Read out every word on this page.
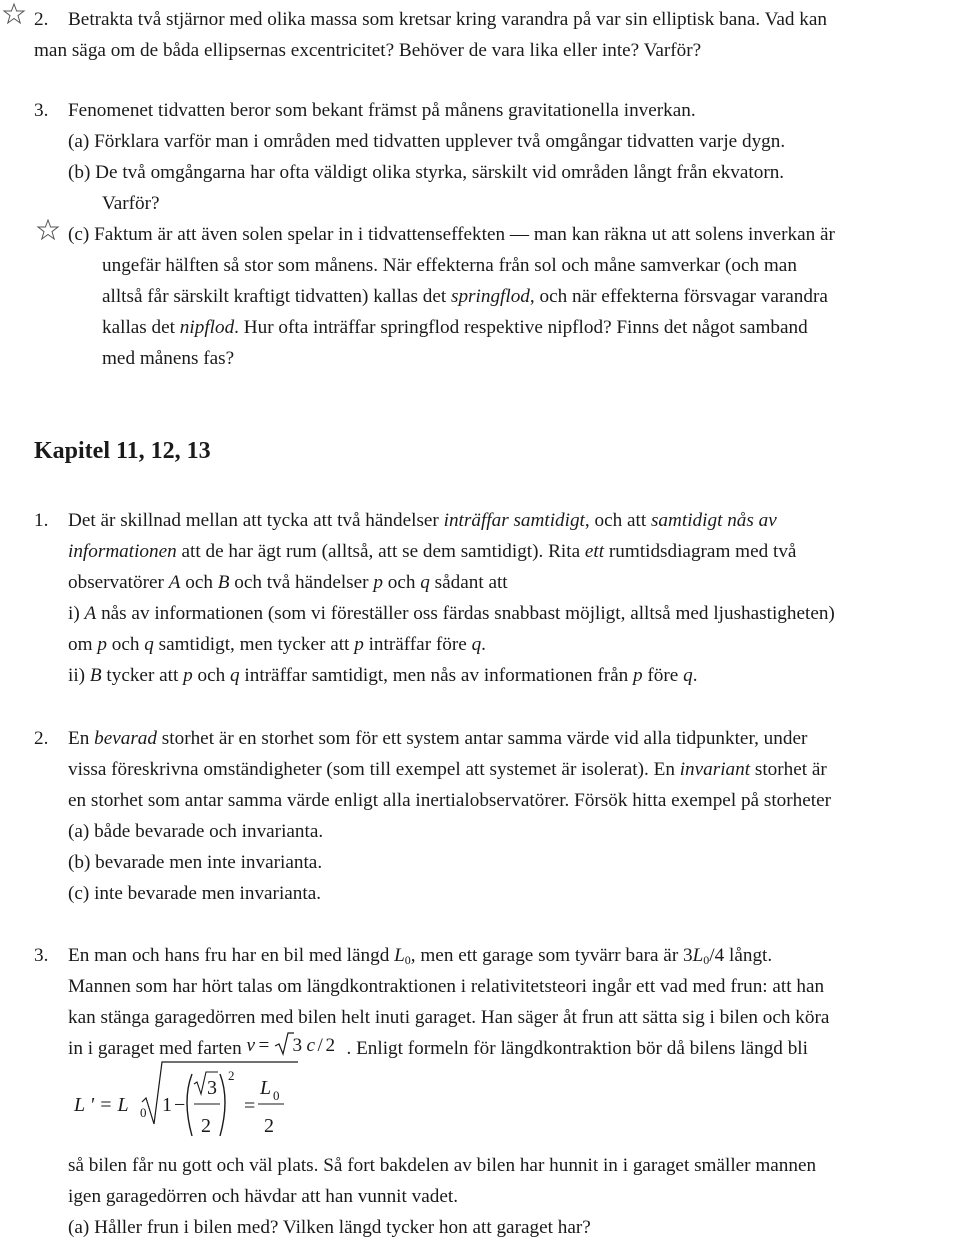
2. Betrakta två stjärnor med olika massa som kretsar kring varandra på var sin elliptisk bana. Vad kan
man säga om de båda ellipsernas excentricitet? Behöver de vara lika eller inte? Varför?
3. Fenomenet tidvatten beror som bekant främst på månens gravitationella inverkan.
(a) Förklara varför man i områden med tidvatten upplever två omgångar tidvatten varje dygn.
(b) De två omgångarna har ofta väldigt olika styrka, särskilt vid områden långt från ekvatorn.
Varför?
(c) Faktum är att även solen spelar in i tidvattenseffekten — man kan räkna ut att solens inverkan är
ungefär hälften så stor som månens. När effekterna från sol och måne samverkar (och man
alltså får särskilt kraftigt tidvatten) kallas det springflod, och när effekterna försvagar varandra
kallas det nipflod. Hur ofta inträffar springflod respektive nipflod? Finns det något samband
med månens fas?
Kapitel 11, 12, 13
1. Det är skillnad mellan att tycka att två händelser inträffar samtidigt, och att samtidigt nås av
informationen att de har ägt rum (alltså, att se dem samtidigt). Rita ett rumtidsdiagram med två
observatörer A och B och två händelser p och q sådant att
i) A nås av informationen (som vi föreställer oss färdas snabbast möjligt, alltså med ljushastigheten)
om p och q samtidigt, men tycker att p inträffar före q.
ii) B tycker att p och q inträffar samtidigt, men nås av informationen från p före q.
2. En bevarad storhet är en storhet som för ett system antar samma värde vid alla tidpunkter, under
vissa föreskrivna omständigheter (som till exempel att systemet är isolerat). En invariant storhet är
en storhet som antar samma värde enligt alla inertialobservatörer. Försök hitta exempel på storheter
(a) både bevarade och invarianta.
(b) bevarade men inte invarianta.
(c) inte bevarade men invarianta.
3. En man och hans fru har en bil med längd $L_0$, men ett garage som tyvärr bara är $3L_0/4$ långt.
Mannen som har hört talas om längdkontraktionen i relativitetsteori ingår ett vad med frun: att han
kan stänga garagedörren med bilen helt inuti garaget. Han säger åt frun att sätta sig i bilen och köra
in i garaget med farten v = 3 c / 2 . Enligt formeln för längdkontraktion bör då bilens längd bli
L ' = L 0 1 −
3
2
2
=
L 0
2
så bilen får nu gott och väl plats. Så fort bakdelen av bilen har hunnit in i garaget smäller mannen
igen garagedörren och hävdar att han vunnit vadet.
(a) Håller frun i bilen med? Vilken längd tycker hon att garaget har?
